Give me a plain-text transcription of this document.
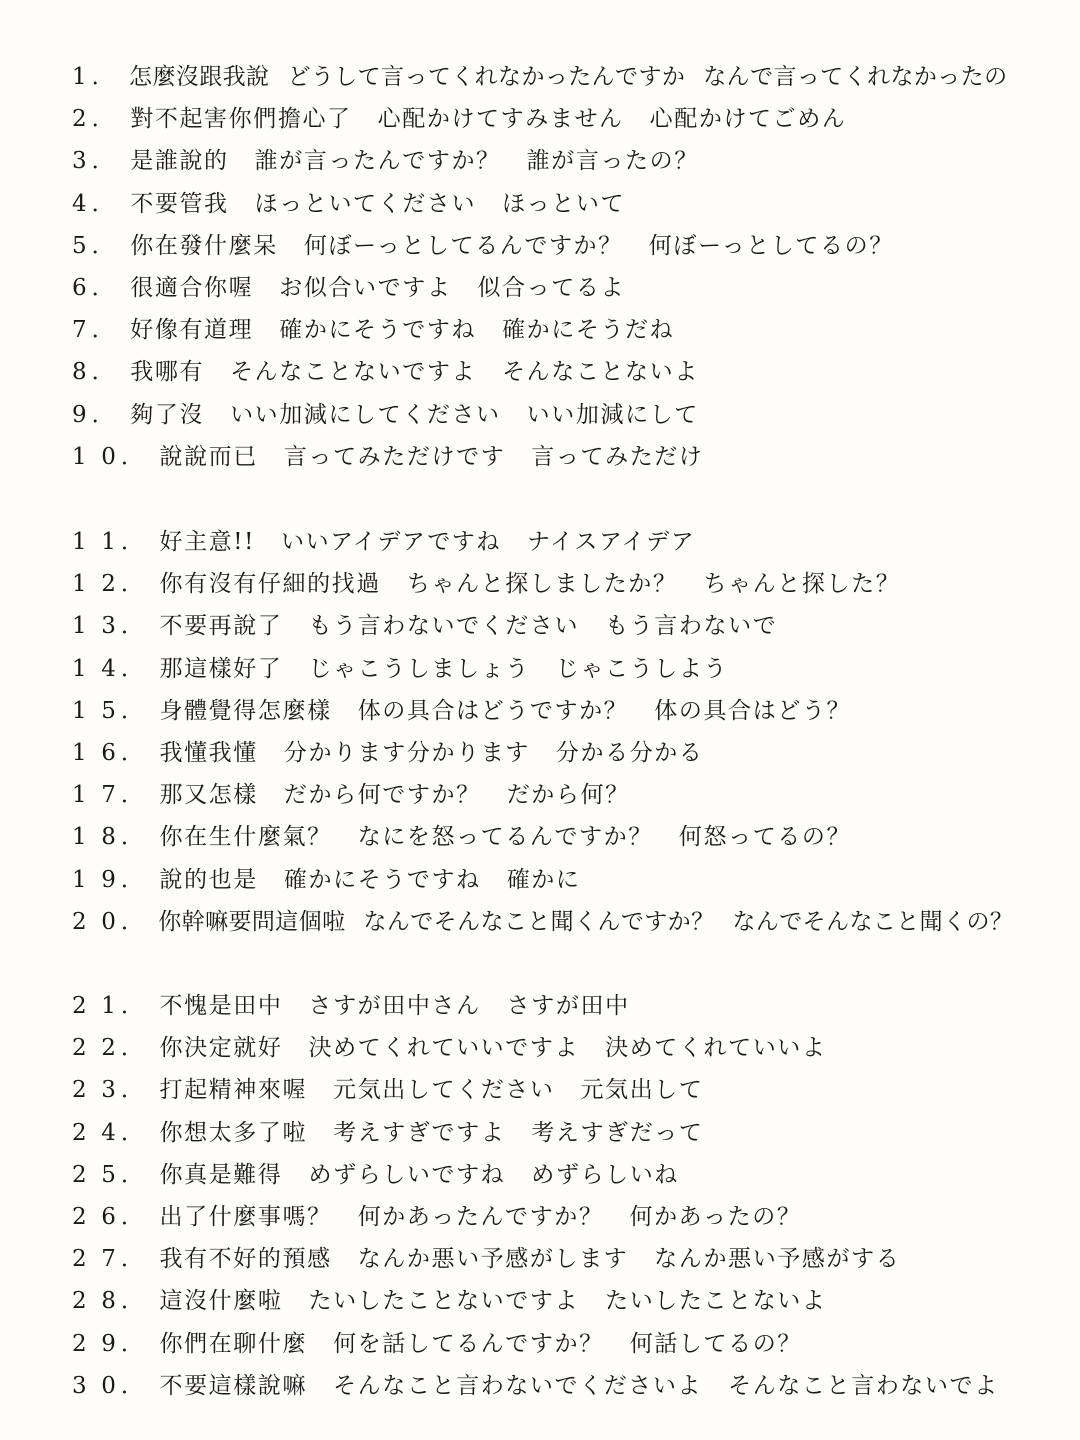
1 ． 怎麼沒跟我說 どうして言ってくれなかったんですか なんで言ってくれなかったの
2 ． 對不起害你們擔心了 心配かけてすみません 心配かけてごめん
3 ． 是誰說的 誰が言ったんですか？ 誰が言ったの？
4 ． 不要管我 ほっといてください ほっといて
5 ． 你在發什麼呆 何ぼーっとしてるんですか？ 何ぼーっとしてるの？
6 ． 很適合你喔 お似合いですよ 似合ってるよ
7 ． 好像有道理 確かにそうですね 確かにそうだね
8 ． 我哪有 そんなことないですよ そんなことないよ
9 ． 夠了沒 いい加減にしてください いい加減にして
1 0 ． 說說而已 言ってみただけです 言ってみただけ
1 1 ． 好主意!! いいアイデアですね ナイスアイデア
1 2 ． 你有沒有仔細的找過 ちゃんと探しましたか？ ちゃんと探した？
1 3 ． 不要再說了 もう言わないでください もう言わないで
1 4 ． 那這樣好了 じゃこうしましょう じゃこうしよう
1 5 ． 身體覺得怎麼樣 体の具合はどうですか？ 体の具合はどう？
1 6 ． 我懂我懂 分かります分かります 分かる分かる
1 7 ． 那又怎樣 だから何ですか？ だから何？
1 8 ． 你在生什麼氣？ なにを怒ってるんですか？ 何怒ってるの？
1 9 ． 說的也是 確かにそうですね 確かに
2 0 ． 你幹嘛要問這個啦 なんでそんなこと聞くんですか？ なんでそんなこと聞くの？
2 1 ． 不愧是田中 さすが田中さん さすが田中
2 2 ． 你決定就好 決めてくれていいですよ 決めてくれていいよ
2 3 ． 打起精神來喔 元気出してください 元気出して
2 4 ． 你想太多了啦 考えすぎですよ 考えすぎだって
2 5 ． 你真是難得 めずらしいですね めずらしいね
2 6 ． 出了什麼事嗎？ 何かあったんですか？ 何かあったの？
2 7 ． 我有不好的預感 なんか悪い予感がします なんか悪い予感がする
2 8 ． 這沒什麼啦 たいしたことないですよ たいしたことないよ
2 9 ． 你們在聊什麼 何を話してるんですか？ 何話してるの？
3 0 ． 不要這樣說嘛 そんなこと言わないでくださいよ そんなこと言わないでよ
